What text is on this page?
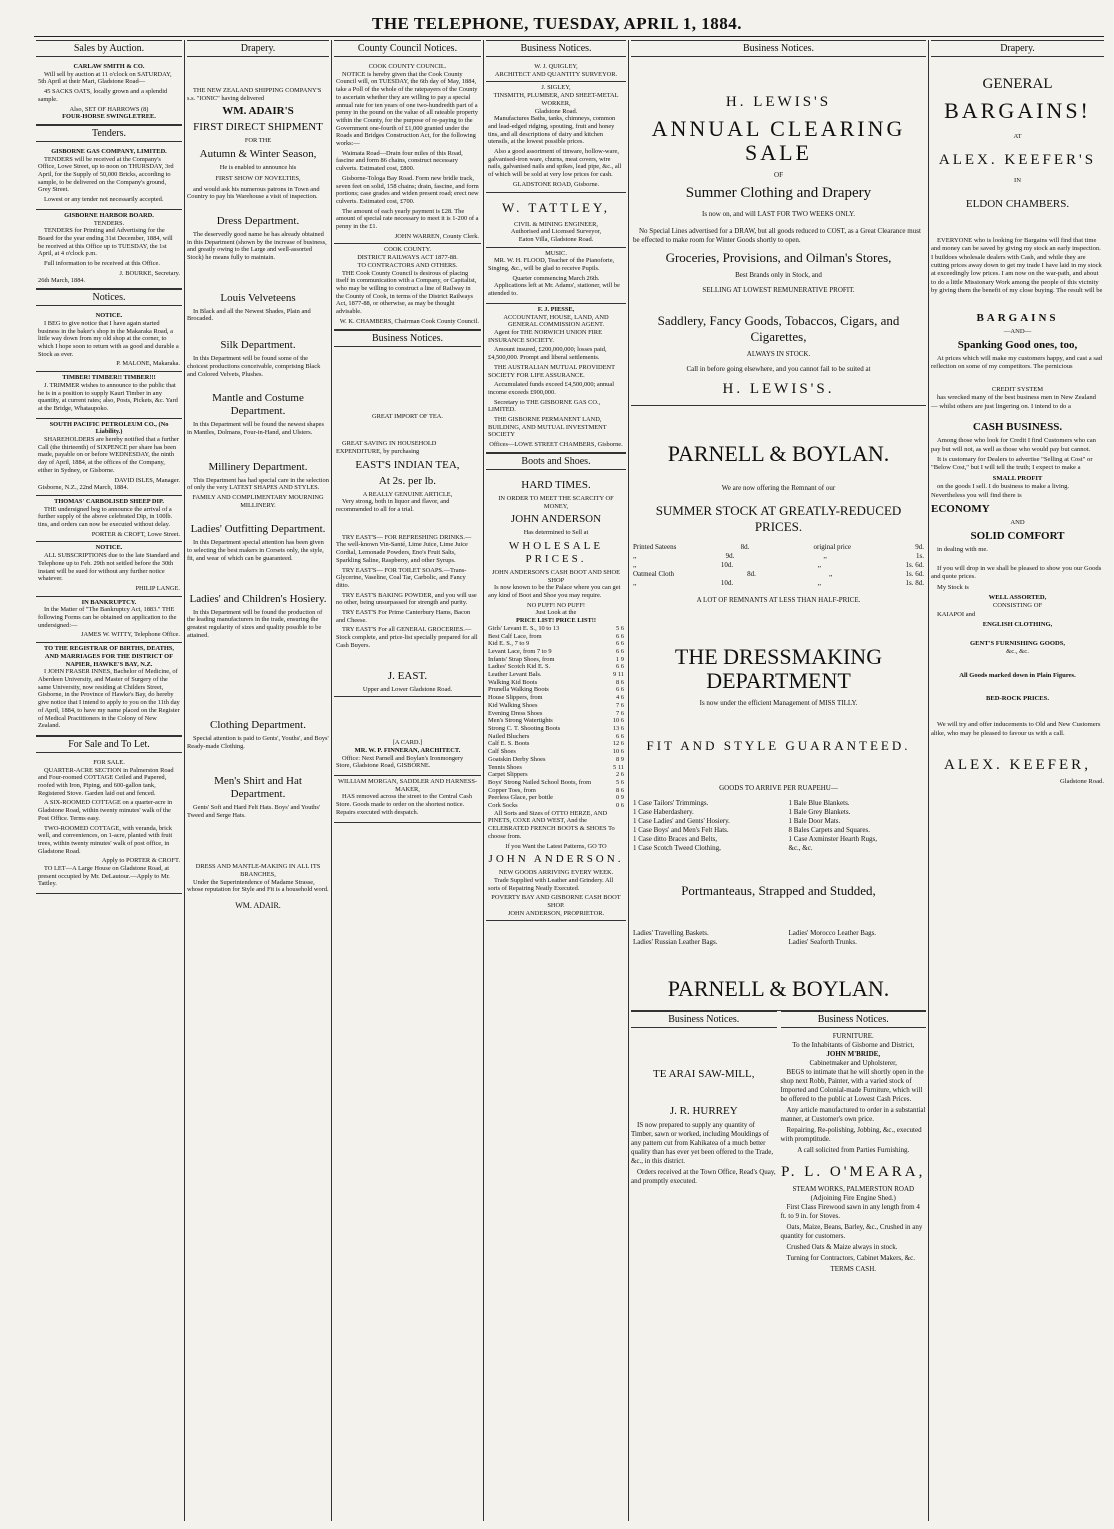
THE TELEPHONE, TUESDAY, APRIL 1, 1884.
Sales by Auction.
CARLAW SMITH & CO.

Will sell by auction at 11 o'clock on SATURDAY, 5th April at their Mart, Gladstone Road—

45 SACKS OATS, locally grown and a splendid sample.

Also, SET OF HARROWS (8)
FOUR-HORSE SWINGLETREE.
Tenders.
GISBORNE GAS COMPANY, LIMITED.

TENDERS will be received at the Company's Office, Lowe Street, up to noon on THURSDAY, 3rd April, for the Supply of 50,000 Bricks, according to sample, to be delivered on the Company's ground, Grey Street.

Lowest or any tender not necessarily accepted.

GISBORNE HARBOR BOARD.
TENDERS.

TENDERS for Printing and Advertising for the Board for the year ending 31st December, 1884, will be received at this Office up to TUESDAY, the 1st April, at 4 o'clock p.m.

Full information to be received at this Office.

J. BOURKE, Secretary.
26th March, 1884.
Notices.
NOTICE.

I BEG to give notice that I have again started business in the baker's shop in the Makaraka Road, a little way down from my old shop at the corner, to which I hope soon to return with as good and durable a Stock as ever.

P. MALONE, Makaraka.
TIMBER! TIMBER!! TIMBER!!!

J. TRIMMER wishes to announce to the public that he is in a position to supply Kauri Timber in any quantity, at current rates; also, Posts, Pickets, &c. Yard at the Bridge, Whataupoko.

SOUTH PACIFIC PETROLEUM CO., (No Liability.)

SHAREHOLDERS are hereby notified that a further Call (the thirteenth) of SIXPENCE per share has been made, payable on or before WEDNESDAY, the ninth day of April, 1884, at the offices of the Company, either in Sydney, or Gisborne.

DAVID ISLES, Manager.
Gisborne, N.Z., 22nd March, 1884.
THOMAS' CARBOLISED SHEEP DIP.

THE undersigned beg to announce the arrival of a further supply of the above celebrated Dip, in 100lb. tins, and orders can now be executed without delay.

PORTER & CROFT, Lowe Street.
NOTICE.

ALL SUBSCRIPTIONS due to the late Standard and Telephone up to Feb. 29th not settled before the 30th instant will be sued for without any further notice whatever.

PHILIP LANGE.
IN BANKRUPTCY.

In the Matter of "The Bankruptcy Act, 1883." THE following Forms can be obtained on application to the undersigned:—

JAMES W. WITTY, Telephone Office.
TO THE REGISTRAR OF BIRTHS, DEATHS, AND MARRIAGES FOR THE DISTRICT OF NAPIER, HAWKE'S BAY, N.Z.

I JOHN FRASER INNES, Bachelor of Medicine, of Aberdeen University, and Master of Surgery of the same University, now residing at Childers Street, Gisborne, in the Province of Hawke's Bay, do hereby give notice that I intend to apply to you on the 11th day of April, 1884, to have my name placed on the Register of Medical Practitioners in the Colony of New Zealand.

For Sale and To Let.
FOR SALE.

QUARTER-ACRE SECTION in Palmerston Road and Four-roomed COTTAGE Ceiled and Papered, roofed with Iron, Piping, and 600-gallon tank, Registered Stove. Garden laid out and fenced.

A SIX-ROOMED COTTAGE on a quarter-acre in Gladstone Road, within twenty minutes' walk of the Post Office. Terms easy.

TWO-ROOMED COTTAGE, with veranda, brick well, and conveniences, on 1-acre, planted with fruit trees, within twenty minutes' walk of post office, in Gladstone Road.

Apply to PORTER & CROFT.

TO LET—A Large House on Gladstone Road, at present occupied by Mr. DeLautour.—Apply to Mr. Tattley.

Drapery.

THE NEW ZEALAND SHIPPING COMPANY'S s.s. "IONIC" having delivered

WM. ADAIR'S
FIRST DIRECT SHIPMENT
FOR THE
Autumn & Winter Season,
He is enabled to announce his
FIRST SHOW OF NOVELTIES,

and would ask his numerous patrons in Town and Country to pay his Warehouse a visit of inspection.

Dress Department.

The deservedly good name he has already obtained in this Department (shown by the increase of business, and greatly owing to the Large and well-assorted Stock) he means fully to maintain.

Louis Velveteens

In Black and all the Newest Shades, Plain and Brocaded.

Silk Department.

In this Department will be found some of the choicest productions conceivable, comprising Black and Colored Velvets, Plushes.

Mantle and Costume Department.

In this Department will be found the newest shapes in Mantles, Dolmans, Four-in-Hand, and Ulsters.

Millinery Department.

This Department has had special care in the selection of only the very LATEST SHAPES AND STYLES.

FAMILY AND COMPLIMENTARY MOURNING MILLINERY.
Ladies' Outfitting Department.

In this Department special attention has been given to selecting the best makers in Corsets only, the style, fit, and wear of which can be guaranteed.

Ladies' and Children's Hosiery.

In this Department will be found the production of the leading manufacturers in the trade, ensuring the greatest regularity of sizes and quality possible to be attained.

Clothing Department.

Special attention is paid to Gents', Youths', and Boys' Ready-made Clothing.

Men's Shirt and Hat Department.

Gents' Soft and Hard Felt Hats. Boys' and Youths' Tweed and Serge Hats.

DRESS AND MANTLE-MAKING IN ALL ITS BRANCHES,

Under the Superintendence of Madame Strasse, whose reputation for Style and Fit is a household word.

WM. ADAIR.
County Council Notices.
COOK COUNTY COUNCIL.

NOTICE is hereby given that the Cook County Council will, on TUESDAY, the 6th day of May, 1884, take a Poll of the whole of the ratepayers of the County to ascertain whether they are willing to pay a special annual rate for ten years of one two-hundredth part of a penny in the pound on the value of all rateable property within the County, for the purpose of re-paying to the Government one-fourth of £1,000 granted under the Roads and Bridges Construction Act, for the following works:—

Waimata Road—Drain four miles of this Road, fascine and form 86 chains, construct necessary culverts. Estimated cost, £800.

Gisborne-Tologa Bay Road. Form new bridle track, seven feet on solid, 158 chains; drain, fascine, and form portions; case grades and widen present road; erect new culverts. Estimated cost, £700.

The amount of each yearly payment is £28. The amount of special rate necessary to meet it is 1-200 of a penny in the £1.

JOHN WARREN, County Clerk.
COOK COUNTY.
DISTRICT RAILWAYS ACT 1877-88.
TO CONTRACTORS AND OTHERS.

THE Cook County Council is desirous of placing itself in communication with a Company, or Capitalist, who may be willing to construct a line of Railway in the County of Cook, in terms of the District Railways Act, 1877-88, or otherwise, as may be thought advisable.

W. K. CHAMBERS, Chairman Cook County Council.
Business Notices.
GREAT IMPORT OF TEA.

GREAT SAVING IN HOUSEHOLD EXPENDITURE, by purchasing

EAST'S INDIAN TEA,
At 2s. per lb.
A REALLY GENUINE ARTICLE,

Very strong, both in liquor and flavor, and recommended to all for a trial.

TRY EAST'S— FOR REFRESHING DRINKS.—The well-known Vin-Santé, Lime Juice, Lime Juice Cordial, Lemonade Powders, Eno's Fruit Salts, Sparkling Saline, Raspberry, and other Syrups.

TRY EAST'S— FOR TOILET SOAPS.—Trans-Glycerine, Vaseline, Coal Tar, Carbolic, and Fancy ditto.

TRY EAST'S BAKING POWDER, and you will use no other, being unsurpassed for strength and purity.

TRY EAST'S For Prime Canterbury Hams, Bacon and Cheese.

TRY EAST'S For all GENERAL GROCERIES.—Stock complete, and price-list specially prepared for all Cash Buyers.

J. EAST.
Upper and Lower Gladstone Road.
[A CARD.]
MR. W. P. FINNERAN, ARCHITECT.

Office: Next Parnell and Boylan's Ironmongery Store, Gladstone Road, GISBORNE.

WILLIAM MORGAN, SADDLER AND HARNESS-MAKER,

HAS removed across the street to the Central Cash Store. Goods made to order on the shortest notice. Repairs executed with despatch.

Business Notices.
W. J. QUIGLEY,
ARCHITECT AND QUANTITY SURVEYOR.
J. SIGLEY,
TINSMITH, PLUMBER, AND SHEET-METAL WORKER,
Gladstone Road.

Manufactures Baths, tanks, chimneys, common and lead-edged ridging, spouting, fruit and honey tins, and all descriptions of dairy and kitchen utensils, at the lowest possible prices.

Also a good assortment of tinware, hollow-ware, galvanised-iron ware, churns, meat covers, wire nails, galvanised nails and spikes, lead pipe, &c., all of which will be sold at very low prices for cash.

GLADSTONE ROAD, Gisborne.
W. TATTLEY,
CIVIL & MINING ENGINEER,
Authorised and Licensed Surveyor,
Eaton Villa, Gladstone Road.
MUSIC.

MR. W. H. FLOOD, Teacher of the Pianoforte, Singing, &c., will be glad to receive Pupils.

Quarter commencing March 26th.

Applications left at Mr. Adams', stationer, will be attended to.

F. J. PIESSE,
ACCOUNTANT, HOUSE, LAND, AND GENERAL COMMISSION AGENT.

Agent for THE NORWICH UNION FIRE INSURANCE SOCIETY.

Amount insured, £200,000,000; losses paid, £4,500,000. Prompt and liberal settlements.

THE AUSTRALIAN MUTUAL PROVIDENT SOCIETY FOR LIFE ASSURANCE.

Accumulated funds exceed £4,500,000; annual income exceeds £900,000.

Secretary to THE GISBORNE GAS CO., LIMITED.

THE GISBORNE PERMANENT LAND, BUILDING, AND MUTUAL INVESTMENT SOCIETY

Offices—LOWE STREET CHAMBERS, Gisborne.
Boots and Shoes.
HARD TIMES.
IN ORDER TO MEET THE SCARCITY OF MONEY,
JOHN ANDERSON
Has determined to Sell at
WHOLESALE PRICES.
JOHN ANDERSON'S CASH BOOT AND SHOE SHOP

Is now known to be the Palace where you can get any kind of Boot and Shoe you may require.

NO PUFF! NO PUFF!
Just Look at the
PRICE LIST! PRICE LIST!!
Girls' Levant E. S., 10 to 13	5 6
Best Calf Lace, from	6 6
Kid E. S., 7 to 9	6 6
Levant Lace, from 7 to 9	6 6
Infants' Strap Shoes, from	1 9
Ladies' Scotch Kid E. S.	6 6
Leather Levant Bals.	9 11
Walking Kid Boots	8 6
Prunella Walking Boots	6 6
House Slippers, from	4 6
Kid Walking Shoes	7 6
Evening Dress Shoes	7 6
Men's Strong Watertights	10 6
Strong C. T. Shooting Boots	13 6
Nailed Bluchers	6 6
Calf E. S. Boots	12 6
Calf Shoes	10 6
Goatskin Derby Shoes	8 9
Tennis Shoes	5 11
Carpet Slippers	2 6
Boys' Strong Nailed School Boots, from	5 6
Copper Toes, from	8 6
Peerless Glace, per bottle	0 9
Cork Socks	0 6

All Sorts and Sizes of OTTO HERZE, AND PINETS, COXE AND WEST, And the CELEBRATED FRENCH BOOTS & SHOES To choose from.

If you Want the Latest Patterns, GO TO
JOHN ANDERSON.
NEW GOODS ARRIVING EVERY WEEK.

Trade Supplied with Leather and Grindery. All sorts of Repairing Neatly Executed.

POVERTY BAY AND GISBORNE CASH BOOT SHOP.
JOHN ANDERSON, PROPRIETOR.
Business Notices.
H. LEWIS'S
ANNUAL CLEARING SALE
OF
Summer Clothing and Drapery
Is now on, and will LAST FOR TWO WEEKS ONLY.

No Special Lines advertised for a DRAW, but all goods reduced to COST, as a Great Clearance must be effected to make room for Winter Goods shortly to open.

Groceries, Provisions, and Oilman's Stores,
Best Brands only in Stock, and
SELLING AT LOWEST REMUNERATIVE PROFIT.
Saddlery, Fancy Goods, Tobaccos, Cigars, and Cigarettes,
ALWAYS IN STOCK.
Call in before going elsewhere, and you cannot fail to be suited at
H. LEWIS'S.
PARNELL & BOYLAN.
We are now offering the Remnant of our
SUMMER STOCK AT GREATLY-REDUCED PRICES.
Printed Sateens	8d.	original price	9d.
,,	9d.	,,	1s.
,,	10d.	,,	1s. 6d.
Oatmeal Cloth	8d.	,,	1s. 6d.
,,	10d.	,,	1s. 8d.
A LOT OF REMNANTS AT LESS THAN HALF-PRICE.
THE DRESSMAKING DEPARTMENT
Is now under the efficient Management of MISS TILLY.
FIT AND STYLE GUARANTEED.
GOODS TO ARRIVE PER RUAPEHU—
1 Case Tailors' Trimmings.
1 Case Haberdashery.
1 Case Ladies' and Gents' Hosiery.
1 Case Boys' and Men's Felt Hats.
1 Case ditto Braces and Belts,
1 Case Scotch Tweed Clothing,
1 Bale Blue Blankets.
1 Bale Grey Blankets.
1 Bale Door Mats.
8 Bales Carpets and Squares.
1 Case Axminster Hearth Rugs,
&c., &c.
Portmanteaus, Strapped and Studded,
Ladies' Travelling Baskets.
Ladies' Russian Leather Bags.
Ladies' Morocco Leather Bags.
Ladies' Seaforth Trunks.
PARNELL & BOYLAN.
Business Notices.
TE ARAI SAW-MILL,
J. R. HURREY

IS now prepared to supply any quantity of Timber, sawn or worked, including Mouldings of any pattern cut from Kahikatea of a much better quality than has ever yet been offered to the Trade, &c., in this district.

Orders received at the Town Office, Read's Quay, and promptly executed.

Business Notices.
FURNITURE.
To the Inhabitants of Gisborne and District,
JOHN M'BRIDE,
Cabinetmaker and Upholsterer,

BEGS to intimate that he will shortly open in the shop next Robb, Painter, with a varied stock of Imported and Colonial-made Furniture, which will be offered to the public at Lowest Cash Prices.

Any article manufactured to order in a substantial manner, at Customer's own price.

Repairing, Re-polishing, Jobbing, &c., executed with promptitude.

A call solicited from Parties Furnishing.
P. L. O'MEARA,
STEAM WORKS, PALMERSTON ROAD
(Adjoining Fire Engine Shed.)

First Class Firewood sawn in any length from 4 ft. to 9 in. for Stoves.

Oats, Maize, Beans, Barley, &c., Crushed in any quantity for customers.

Crushed Oats & Maize always in stock.

Turning for Contractors, Cabinet Makers, &c.

TERMS CASH.
Drapery.
GENERAL
BARGAINS!
AT
ALEX. KEEFER'S
IN
ELDON CHAMBERS.

EVERYONE who is looking for Bargains will find that time and money can be saved by giving my stock an early inspection. I buildoes wholesale dealers with Cash, and while they are cutting prices away down to get my trade I have laid in my stock at exceedingly low prices. I am now on the war-path, and about to do a little Missionary Work among the people of this vicinity by giving them the benefit of my close buying. The result will be

BARGAINS
—AND—
Spanking Good ones, too,

At prices which will make my customers happy, and cast a sad reflection on some of my competitors. The pernicious

CREDIT SYSTEM

has wrecked many of the best business men in New Zealand — whilst others are just lingering on. I intend to do a

CASH BUSINESS.

Among those who look for Credit I find Customers who can pay but will not, as well as those who would pay but cannot.

It is customary for Dealers to advertise "Selling at Cost" or "Below Cost," but I will tell the truth; I expect to make a

SMALL PROFIT

on the goods I sell. I do business to make a living. Nevertheless you will find there is

ECONOMY
AND
SOLID COMFORT

in dealing with me.

If you will drop in we shall be pleased to show you our Goods and quote prices.

My Stock is

WELL ASSORTED,
CONSISTING OF

KAIAPOI and

ENGLISH CLOTHING,
GENT'S FURNISHING GOODS,
&c., &c.
All Goods marked down in Plain Figures.
BED-ROCK PRICES.

We will try and offer inducements to Old and New Customers alike, who may be pleased to favour us with a call.

ALEX. KEEFER,
Gladstone Road.
